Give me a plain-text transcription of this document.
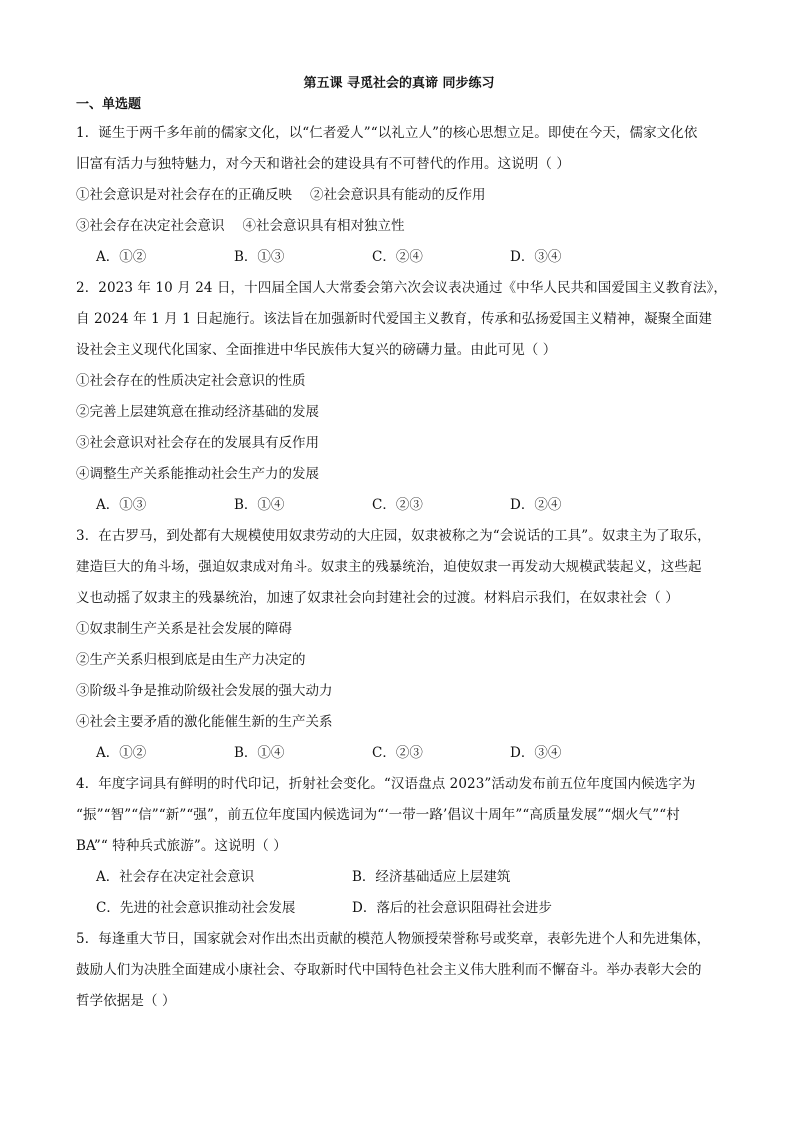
第五课 寻觅社会的真谛 同步练习
一、单选题
1．诞生于两千多年前的儒家文化，以“仁者爱人”“以礼立人”的核心思想立足。即使在今天，儒家文化依
旧富有活力与独特魅力，对今天和谐社会的建设具有不可替代的作用。这说明（ ）
①社会意识是对社会存在的正确反映 ②社会意识具有能动的反作用
③社会存在决定社会意识 ④社会意识具有相对独立性
A．①②	B．①③	C．②④	D．③④
2．2023 年 10 月 24 日，十四届全国人大常委会第六次会议表决通过《中华人民共和国爱国主义教育法》，
自 2024 年 1 月 1 日起施行。该法旨在加强新时代爱国主义教育，传承和弘扬爱国主义精神，凝聚全面建
设社会主义现代化国家、全面推进中华民族伟大复兴的磅礴力量。由此可见（ ）
①社会存在的性质决定社会意识的性质
②完善上层建筑意在推动经济基础的发展
③社会意识对社会存在的发展具有反作用
④调整生产关系能推动社会生产力的发展
A．①③	B．①④	C．②③	D．②④
3．在古罗马，到处都有大规模使用奴隶劳动的大庄园，奴隶被称之为“会说话的工具”。奴隶主为了取乐，
建造巨大的角斗场，强迫奴隶成对角斗。奴隶主的残暴统治，迫使奴隶一再发动大规模武装起义，这些起
义也动摇了奴隶主的残暴统治，加速了奴隶社会向封建社会的过渡。材料启示我们，在奴隶社会（ ）
①奴隶制生产关系是社会发展的障碍
②生产关系归根到底是由生产力决定的
③阶级斗争是推动阶级社会发展的强大动力
④社会主要矛盾的激化能催生新的生产关系
A．①②	B．①④	C．②③	D．③④
4．年度字词具有鲜明的时代印记，折射社会变化。“汉语盘点 2023”活动发布前五位年度国内候选字为
“振”“智”“信”“新”“强”，前五位年度国内候选词为“‘一带一路’倡议十周年”“高质量发展”“烟火气”“村
BA”“ 特种兵式旅游”。这说明（ ）
A．社会存在决定社会意识	B．经济基础适应上层建筑
C．先进的社会意识推动社会发展	D．落后的社会意识阻碍社会进步
5．每逢重大节日，国家就会对作出杰出贡献的模范人物颁授荣誉称号或奖章，表彰先进个人和先进集体，
鼓励人们为决胜全面建成小康社会、夺取新时代中国特色社会主义伟大胜利而不懈奋斗。举办表彰大会的
哲学依据是（ ）
